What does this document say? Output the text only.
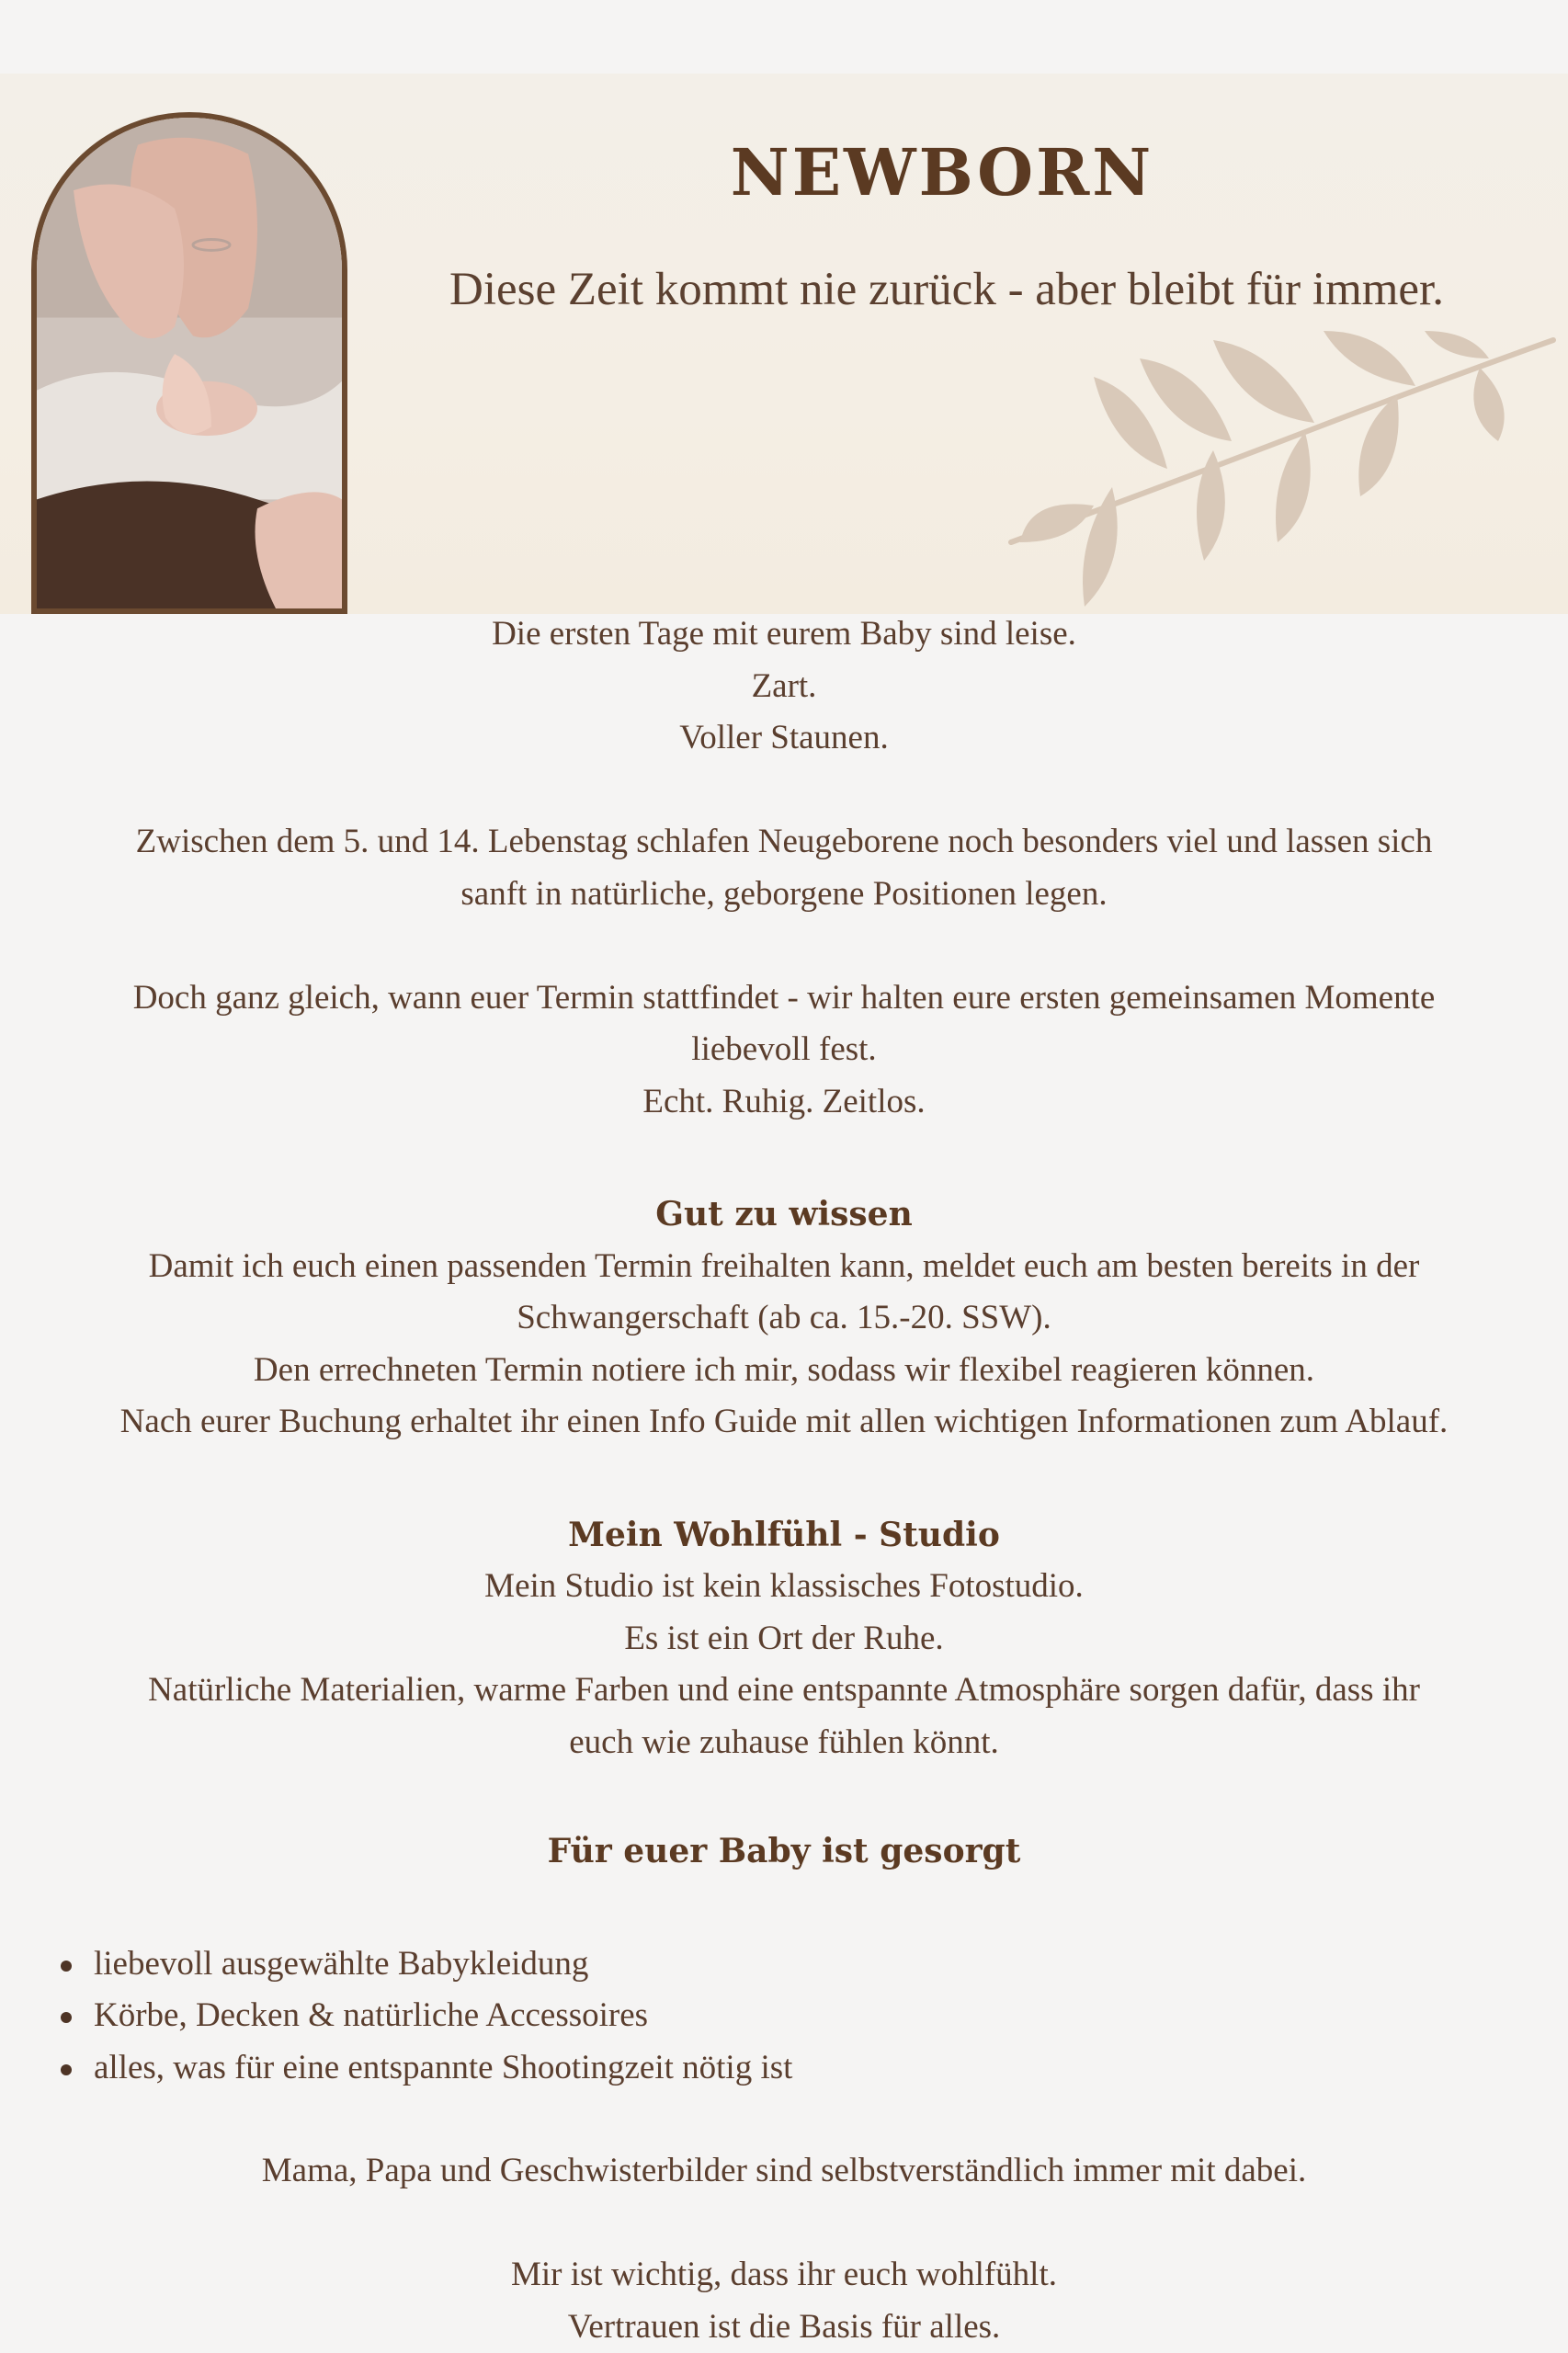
NEWBORN

Diese Zeit kommt nie zurück - aber bleibt für immer.

Die ersten Tage mit eurem Baby sind leise.

Zart.

Voller Staunen.

Zwischen dem 5. und 14. Lebenstag schlafen Neugeborene noch besonders viel und lassen sich

sanft in natürliche, geborgene Positionen legen.

Doch ganz gleich, wann euer Termin stattfindet - wir halten eure ersten gemeinsamen Momente

liebevoll fest.

Echt. Ruhig. Zeitlos.

Gut zu wissen

Damit ich euch einen passenden Termin freihalten kann, meldet euch am besten bereits in der

Schwangerschaft (ab ca. 15.-20. SSW).

Den errechneten Termin notiere ich mir, sodass wir flexibel reagieren können.

Nach eurer Buchung erhaltet ihr einen Info Guide mit allen wichtigen Informationen zum Ablauf.

Mein Wohlfühl - Studio

Mein Studio ist kein klassisches Fotostudio.

Es ist ein Ort der Ruhe.

Natürliche Materialien, warme Farben und eine entspannte Atmosphäre sorgen dafür, dass ihr

euch wie zuhause fühlen könnt.

Für euer Baby ist gesorgt

liebevoll ausgewählte Babykleidung
Körbe, Decken & natürliche Accessoires
alles, was für eine entspannte Shootingzeit nötig ist

Mama, Papa und Geschwisterbilder sind selbstverständlich immer mit dabei.

Mir ist wichtig, dass ihr euch wohlfühlt.

Vertrauen ist die Basis für alles.
